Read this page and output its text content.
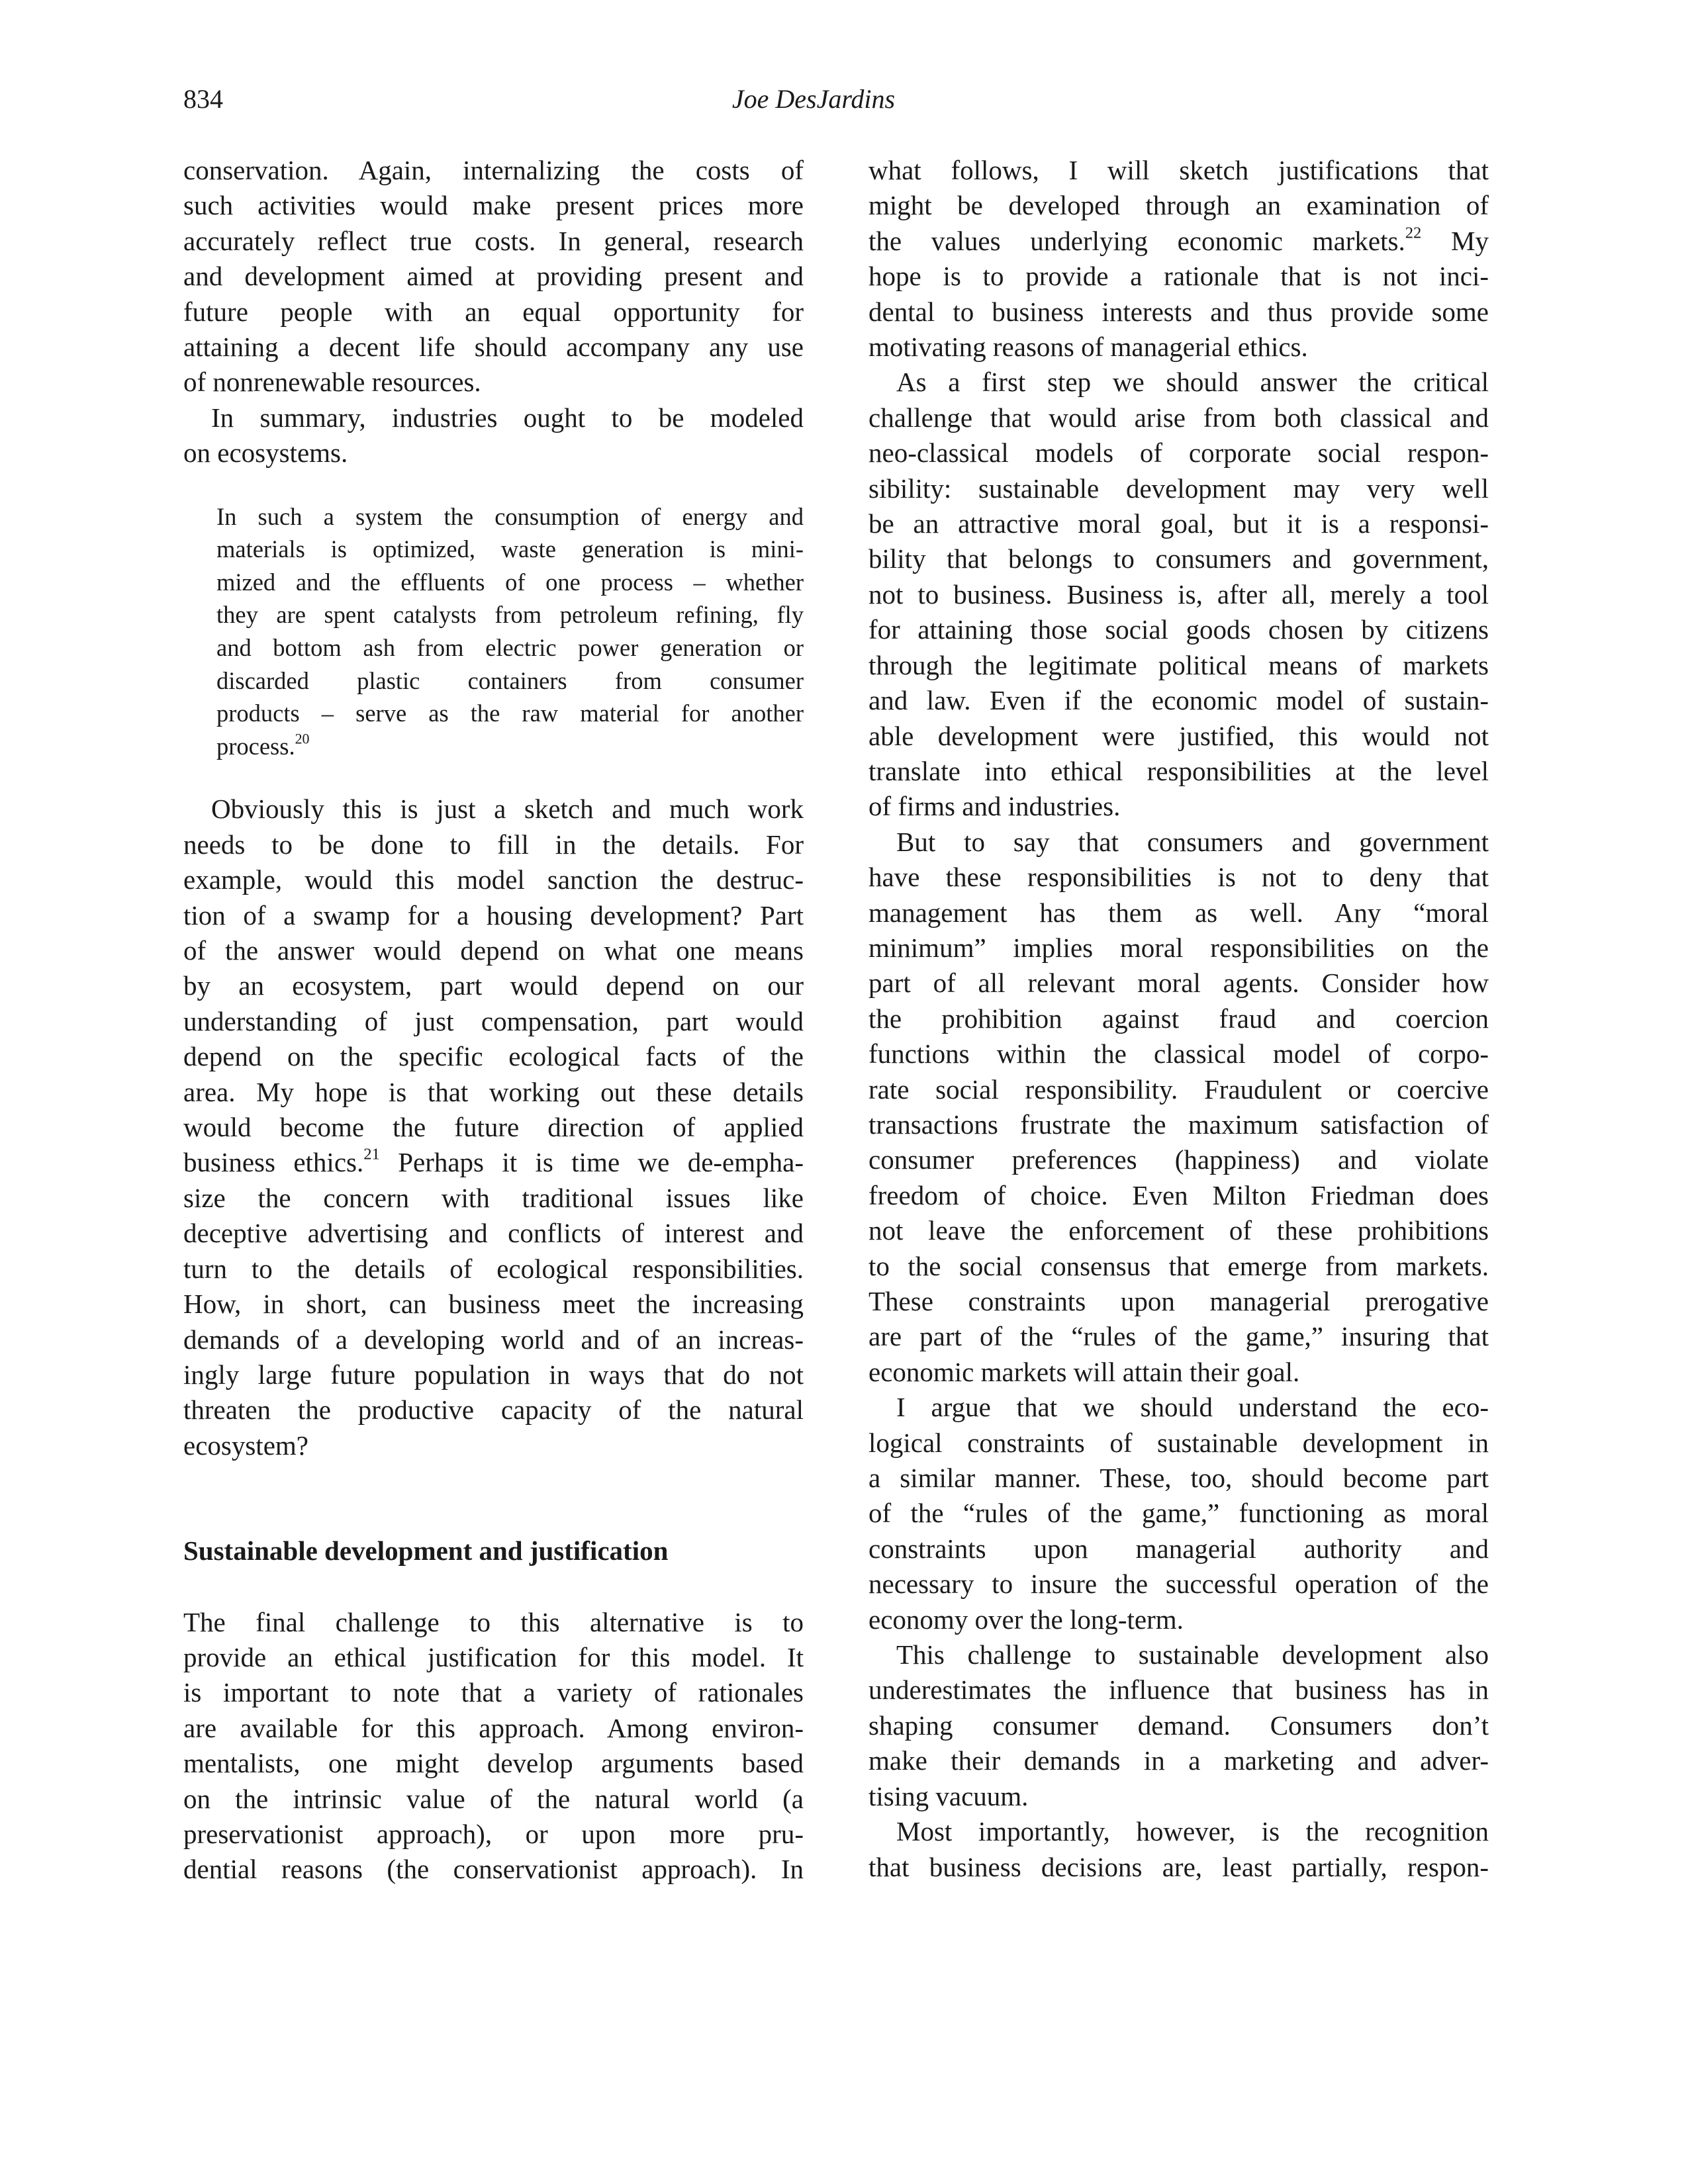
834	Joe DesJardins
conservation. Again, internalizing the costs of
such activities would make present prices more
accurately reflect true costs. In general, research
and development aimed at providing present and
future people with an equal opportunity for
attaining a decent life should accompany any use
of nonrenewable resources.
In summary, industries ought to be modeled
on ecosystems.
In such a system the consumption of energy and
materials is optimized, waste generation is mini-
mized and the effluents of one process – whether
they are spent catalysts from petroleum refining, fly
and bottom ash from electric power generation or
discarded plastic containers from consumer
products – serve as the raw material for another
process.$^{20}$
Obviously this is just a sketch and much work
needs to be done to fill in the details. For
example, would this model sanction the destruc-
tion of a swamp for a housing development? Part
of the answer would depend on what one means
by an ecosystem, part would depend on our
understanding of just compensation, part would
depend on the specific ecological facts of the
area. My hope is that working out these details
would become the future direction of applied
business ethics.$^{21}$ Perhaps it is time we de-empha-
size the concern with traditional issues like
deceptive advertising and conflicts of interest and
turn to the details of ecological responsibilities.
How, in short, can business meet the increasing
demands of a developing world and of an increas-
ingly large future population in ways that do not
threaten the productive capacity of the natural
ecosystem?
Sustainable development and justification
The final challenge to this alternative is to
provide an ethical justification for this model. It
is important to note that a variety of rationales
are available for this approach. Among environ-
mentalists, one might develop arguments based
on the intrinsic value of the natural world (a
preservationist approach), or upon more pru-
dential reasons (the conservationist approach). In
what follows, I will sketch justifications that
might be developed through an examination of
the values underlying economic markets.$^{22}$ My
hope is to provide a rationale that is not inci-
dental to business interests and thus provide some
motivating reasons of managerial ethics.
As a first step we should answer the critical
challenge that would arise from both classical and
neo-classical models of corporate social respon-
sibility: sustainable development may very well
be an attractive moral goal, but it is a responsi-
bility that belongs to consumers and government,
not to business. Business is, after all, merely a tool
for attaining those social goods chosen by citizens
through the legitimate political means of markets
and law. Even if the economic model of sustain-
able development were justified, this would not
translate into ethical responsibilities at the level
of firms and industries.
But to say that consumers and government
have these responsibilities is not to deny that
management has them as well. Any “moral
minimum” implies moral responsibilities on the
part of all relevant moral agents. Consider how
the prohibition against fraud and coercion
functions within the classical model of corpo-
rate social responsibility. Fraudulent or coercive
transactions frustrate the maximum satisfaction of
consumer preferences (happiness) and violate
freedom of choice. Even Milton Friedman does
not leave the enforcement of these prohibitions
to the social consensus that emerge from markets.
These constraints upon managerial prerogative
are part of the “rules of the game,” insuring that
economic markets will attain their goal.
I argue that we should understand the eco-
logical constraints of sustainable development in
a similar manner. These, too, should become part
of the “rules of the game,” functioning as moral
constraints upon managerial authority and
necessary to insure the successful operation of the
economy over the long-term.
This challenge to sustainable development also
underestimates the influence that business has in
shaping consumer demand. Consumers don’t
make their demands in a marketing and adver-
tising vacuum.
Most importantly, however, is the recognition
that business decisions are, least partially, respon-
